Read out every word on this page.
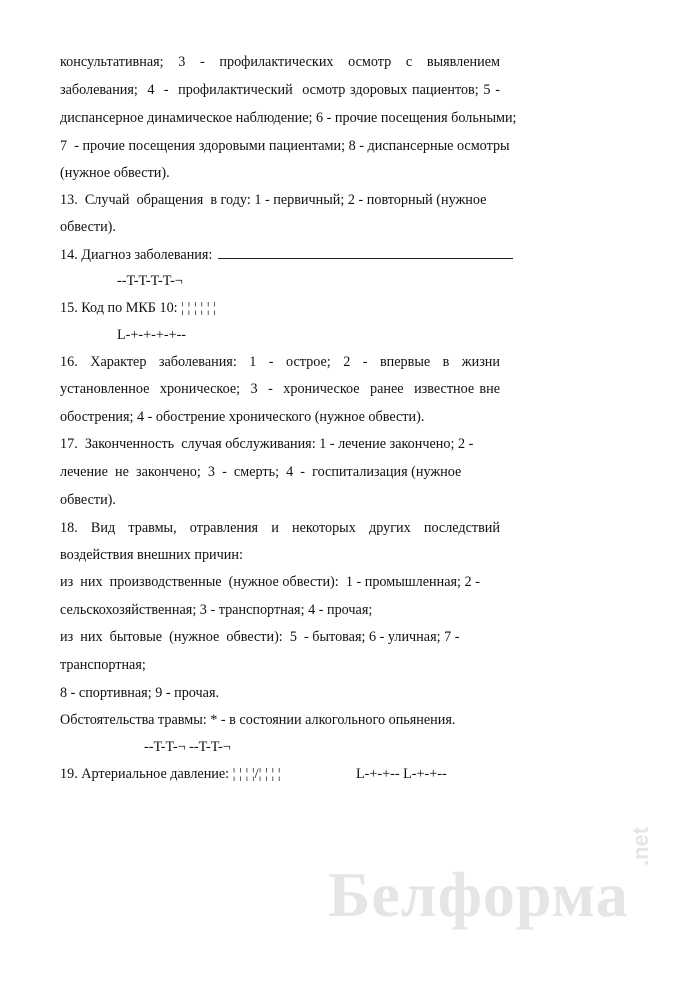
консультативная;  3  -  профилактических  осмотр  с  выявлением
заболевания;  4  -  профилактический  осмотр здоровых пациентов; 5 -
диспансерное динамическое наблюдение; 6 - прочие посещения больными;
7  - прочие посещения здоровыми пациентами; 8 - диспансерные осмотры
(нужное обвести).
13.  Случай  обращения  в году: 1 - первичный; 2 - повторный (нужное
обвести).
14. Диагноз заболевания:
--T-T-T-T-¬
15. Код по МКБ 10: ¦ ¦ ¦ ¦ ¦ ¦
L-+-+-+-+--
16.  Характер  заболевания:  1  -  острое;  2  -  впервые  в  жизни
установленное  хроническое;  3  -  хроническое  ранее  известное вне
обострения; 4 - обострение хронического (нужное обвести).
17.  Законченность  случая обслуживания: 1 - лечение закончено; 2 -
лечение  не  закончено;  3  -  смерть;  4  -  госпитализация (нужное
обвести).
18.  Вид  травмы,  отравления  и  некоторых  других  последствий
воздействия внешних причин:
из  них  производственные  (нужное обвести):  1 - промышленная; 2 -
сельскохозяйственная; 3 - транспортная; 4 - прочая;
из  них  бытовые  (нужное  обвести):  5  - бытовая; 6 - уличная; 7 -
транспортная;
8 - спортивная; 9 - прочая.
Обстоятельства травмы: * - в состоянии алкогольного опьянения.
--T-T-¬ --T-T-¬
19. Артериальное давление: ¦ ¦ ¦ ¦/¦ ¦ ¦ ¦	L-+-+-- L-+-+--
Белформа
.net
